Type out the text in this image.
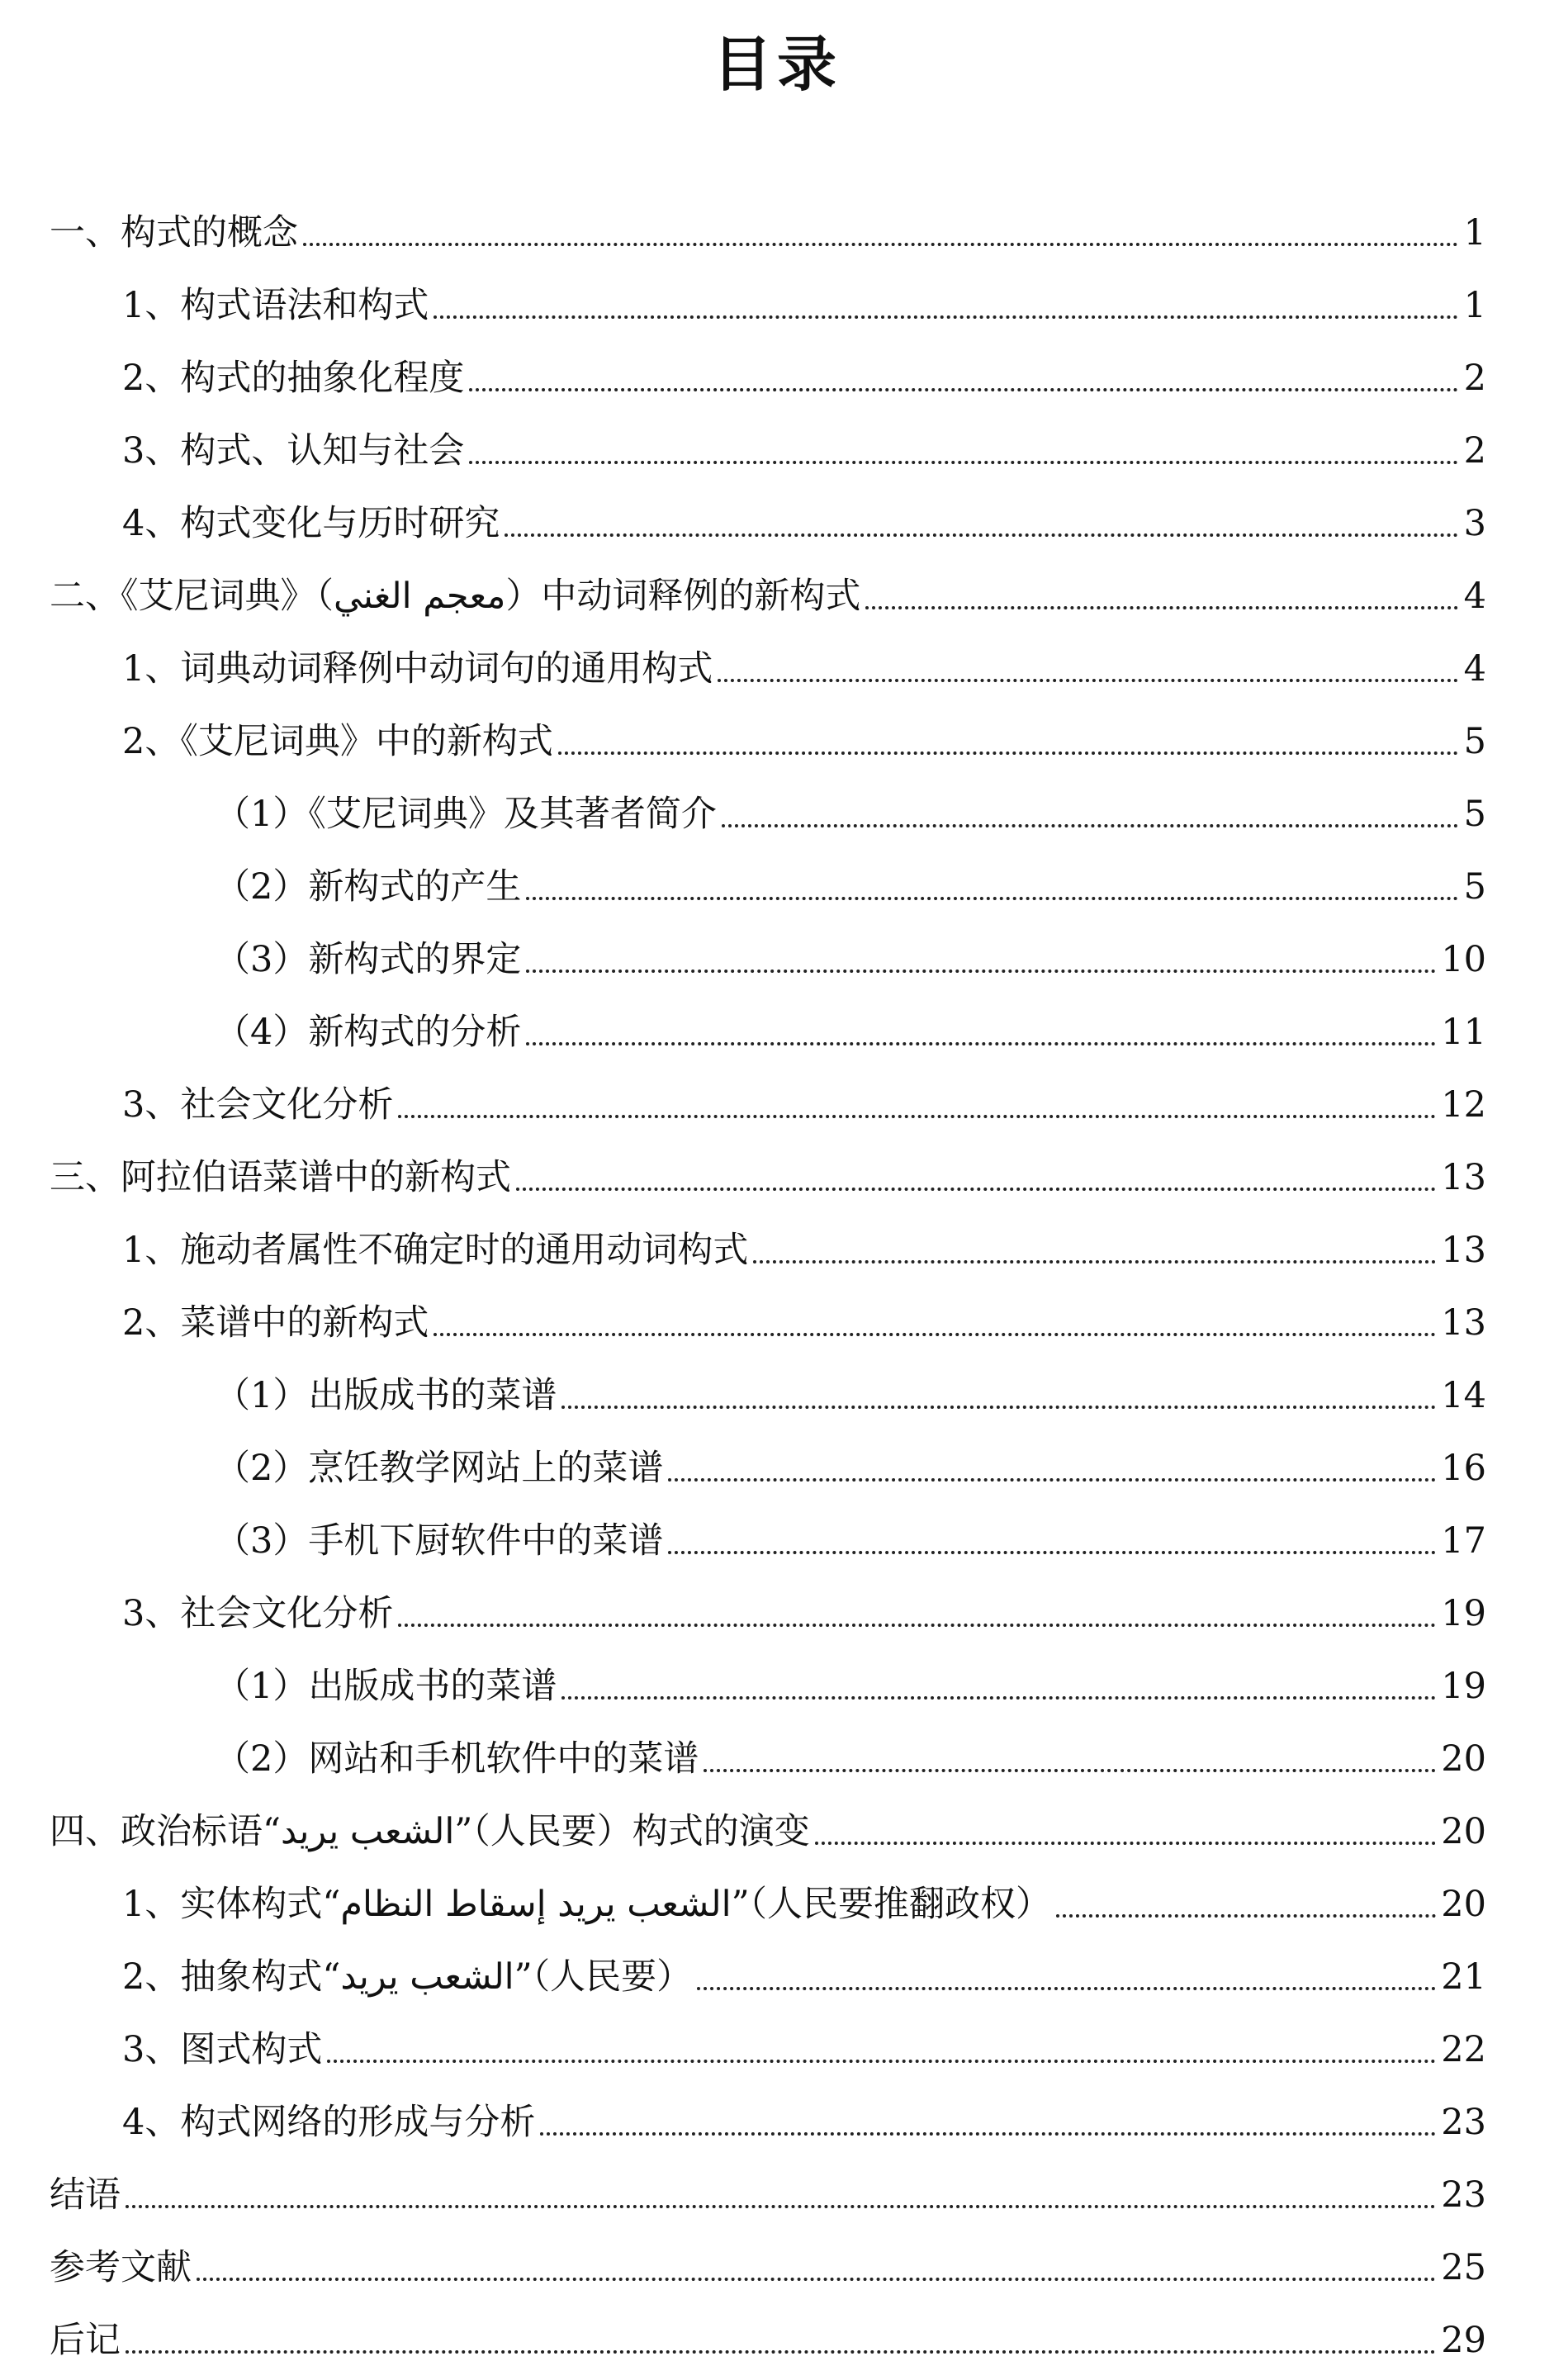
目录
一、构式的概念	1
1、构式语法和构式	1
2、构式的抽象化程度	2
3、构式、认知与社会	2
4、构式变化与历时研究	3
二、《艾尼词典》（معجم الغني）中动词释例的新构式	4
1、词典动词释例中动词句的通用构式	4
2、《艾尼词典》中的新构式	5
（1）《艾尼词典》及其著者简介	5
（2）新构式的产生	5
（3）新构式的界定	10
（4）新构式的分析	11
3、社会文化分析	12
三、阿拉伯语菜谱中的新构式	13
1、施动者属性不确定时的通用动词构式	13
2、菜谱中的新构式	13
（1）出版成书的菜谱	14
（2）烹饪教学网站上的菜谱	16
（3）手机下厨软件中的菜谱	17
3、社会文化分析	19
（1）出版成书的菜谱	19
（2）网站和手机软件中的菜谱	20
四、政治标语“الشعب يريد”（人民要）构式的演变	20
1、实体构式“الشعب يريد إسقاط النظام”（人民要推翻政权）	20
2、抽象构式“الشعب يريد”（人民要）	21
3、图式构式	22
4、构式网络的形成与分析	23
结语	23
参考文献	25
后记	29
